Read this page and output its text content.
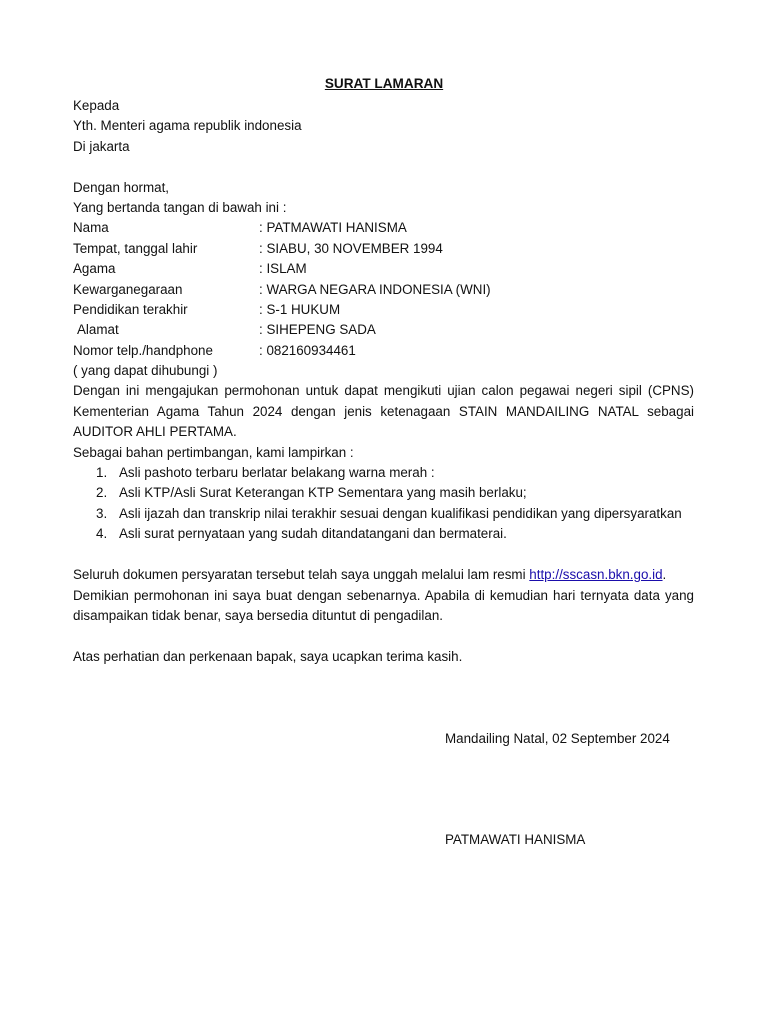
SURAT LAMARAN
Kepada
Yth. Menteri agama republik indonesia
Di jakarta
Dengan hormat,
Yang bertanda tangan di bawah ini :
Nama	: PATMAWATI HANISMA
Tempat, tanggal lahir	: SIABU, 30 NOVEMBER 1994
Agama	: ISLAM
Kewarganegaraan	: WARGA NEGARA INDONESIA (WNI)
Pendidikan terakhir	: S-1 HUKUM
Alamat	: SIHEPENG SADA
Nomor telp./handphone	: 082160934461
( yang dapat dihubungi )
Dengan ini mengajukan permohonan untuk dapat mengikuti ujian calon pegawai negeri sipil (CPNS) Kementerian Agama Tahun 2024 dengan jenis ketenagaan STAIN MANDAILING NATAL sebagai AUDITOR AHLI PERTAMA.
Sebagai bahan pertimbangan, kami lampirkan :
1. Asli pashoto terbaru berlatar belakang warna merah :
2. Asli KTP/Asli Surat Keterangan KTP Sementara yang masih berlaku;
3. Asli ijazah dan transkrip nilai terakhir sesuai dengan kualifikasi pendidikan yang dipersyaratkan
4. Asli surat pernyataan yang sudah ditandatangani dan bermaterai.
Seluruh dokumen persyaratan tersebut telah saya unggah melalui lam resmi http://sscasn.bkn.go.id.
Demikian permohonan ini saya buat dengan sebenarnya. Apabila di kemudian hari ternyata data yang disampaikan tidak benar, saya bersedia dituntut di pengadilan.
Atas perhatian dan perkenaan bapak, saya ucapkan terima kasih.
Mandailing Natal, 02 September 2024
PATMAWATI HANISMA
